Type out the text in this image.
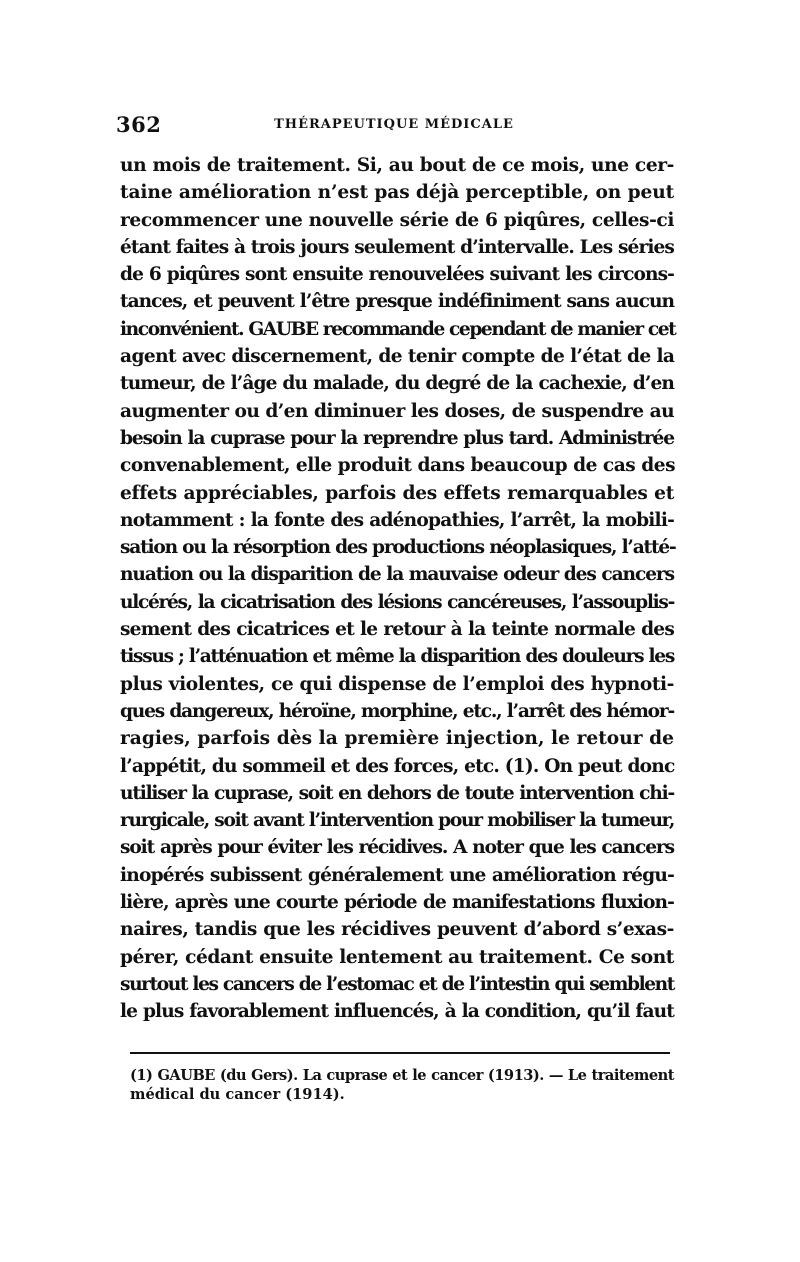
362	THÉRAPEUTIQUE MÉDICALE
un mois de traitement. Si, au bout de ce mois, une cer-
taine amélioration n’est pas déjà perceptible, on peut
recommencer une nouvelle série de 6 piqûres, celles-ci
étant faites à trois jours seulement d’intervalle. Les séries
de 6 piqûres sont ensuite renouvelées suivant les circons-
tances, et peuvent l’être presque indéfiniment sans aucun
inconvénient. GAUBE recommande cependant de manier cet
agent avec discernement, de tenir compte de l’état de la
tumeur, de l’âge du malade, du degré de la cachexie, d’en
augmenter ou d’en diminuer les doses, de suspendre au
besoin la cuprase pour la reprendre plus tard. Administrée
convenablement, elle produit dans beaucoup de cas des
effets appréciables, parfois des effets remarquables et
notamment : la fonte des adénopathies, l’arrêt, la mobili-
sation ou la résorption des productions néoplasiques, l’atté-
nuation ou la disparition de la mauvaise odeur des cancers
ulcérés, la cicatrisation des lésions cancéreuses, l’assouplis-
sement des cicatrices et le retour à la teinte normale des
tissus ; l’atténuation et même la disparition des douleurs les
plus violentes, ce qui dispense de l’emploi des hypnoti-
ques dangereux, héroïne, morphine, etc., l’arrêt des hémor-
ragies, parfois dès la première injection, le retour de
l’appétit, du sommeil et des forces, etc. (1). On peut donc
utiliser la cuprase, soit en dehors de toute intervention chi-
rurgicale, soit avant l’intervention pour mobiliser la tumeur,
soit après pour éviter les récidives. A noter que les cancers
inopérés subissent généralement une amélioration régu-
lière, après une courte période de manifestations fluxion-
naires, tandis que les récidives peuvent d’abord s’exas-
pérer, cédant ensuite lentement au traitement. Ce sont
surtout les cancers de l’estomac et de l’intestin qui semblent
le plus favorablement influencés, à la condition, qu’il faut
(1) GAUBE (du Gers). La cuprase et le cancer (1913). — Le traitement
médical du cancer (1914).
